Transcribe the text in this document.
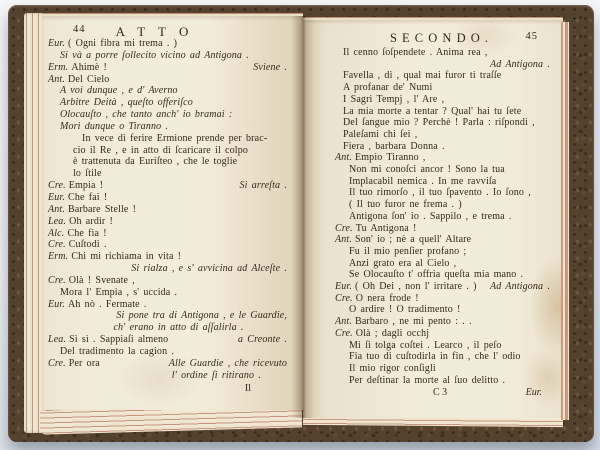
44 A T T O
Eur. ( Ogni fibra mi trema . )
Si và a porre ſollecito vicino ad Antigona .
Erm. Ahimè !	Sviene .
Ant. Del Cielo
A voi dunque , e d' Averno
Arbitre Deità , queſto offeriſco
Olocauſto , che tanto anch' io bramai :
Mori dunque o Tiranno .
In vece di ferire Ermione prende per brac-
cio il Re , e in atto di ſcaricare il colpo
è trattenuta da Euriſteo , che le toglie
lo ſtile
Cre. Empia !	Si arreſta .
Eur. Che fai !
Ant. Barbare Stelle !
Lea. Oh ardir !
Alc. Che fia !
Cre. Cuſtodi .
Erm. Chi mi richiama in vita !
Si rialza , e s' avvicina ad Alceſte .
Cre. Olà ! Svenate ,
Mora l' Empia , s' uccida .
Eur. Ah nò . Fermate .
Si pone tra di Antigona , e le Guardie,
ch' erano in atto di aſſalirla .
Lea. Sì sì . Sappiaſi almeno	a Creonte .
Del tradimento la cagion .
Cre. Per ora	Alle Guardie , che ricevuto
l' ordine ſi ritirano .
Il
S E C O N D O .	45
Il cenno ſoſpendete . Anima rea ,
Ad Antigona .
Favella , dì , qual mai furor ti traſſe
A profanar de' Numi
I Sagri Tempj , l' Are ,
La mia morte a tentar ? Qual' hai tu ſete
Del ſangue mio ? Perchè ! Parla : riſpondi ,
Paleſami chi ſei ,
Fiera , barbara Donna .
Ant. Empio Tiranno ,
Non mi conoſci ancor ! Sono la tua
Implacabil nemica . In me ravviſa
Il tuo rimorſo , il tuo ſpavento . Io ſono ,
( Il tuo furor ne frema . )
Antigona ſon' io . Sappilo , e trema .
Cre. Tu Antigona !
Ant. Son' io ; nè a quell' Altare
Fu il mio penſier profano ;
Anzi grato era al Cielo ,
Se Olocauſto t' offria queſta mia mano .
Eur. ( Oh Dei , non l' irritare . ) Ad Antigona .
Cre. O nera frode !
O ardire ! O tradimento !
Ant. Barbaro , ne mi pento : . .
Cre. Olà ; dagli occhj
Mi ſi tolga coſtei . Learco , il peſo
Fia tuo di cuſtodirla in fin , che l' odio
Il mio rigor conſigli
Per deſtinar la morte al ſuo delitto .
C 3	Eur.
